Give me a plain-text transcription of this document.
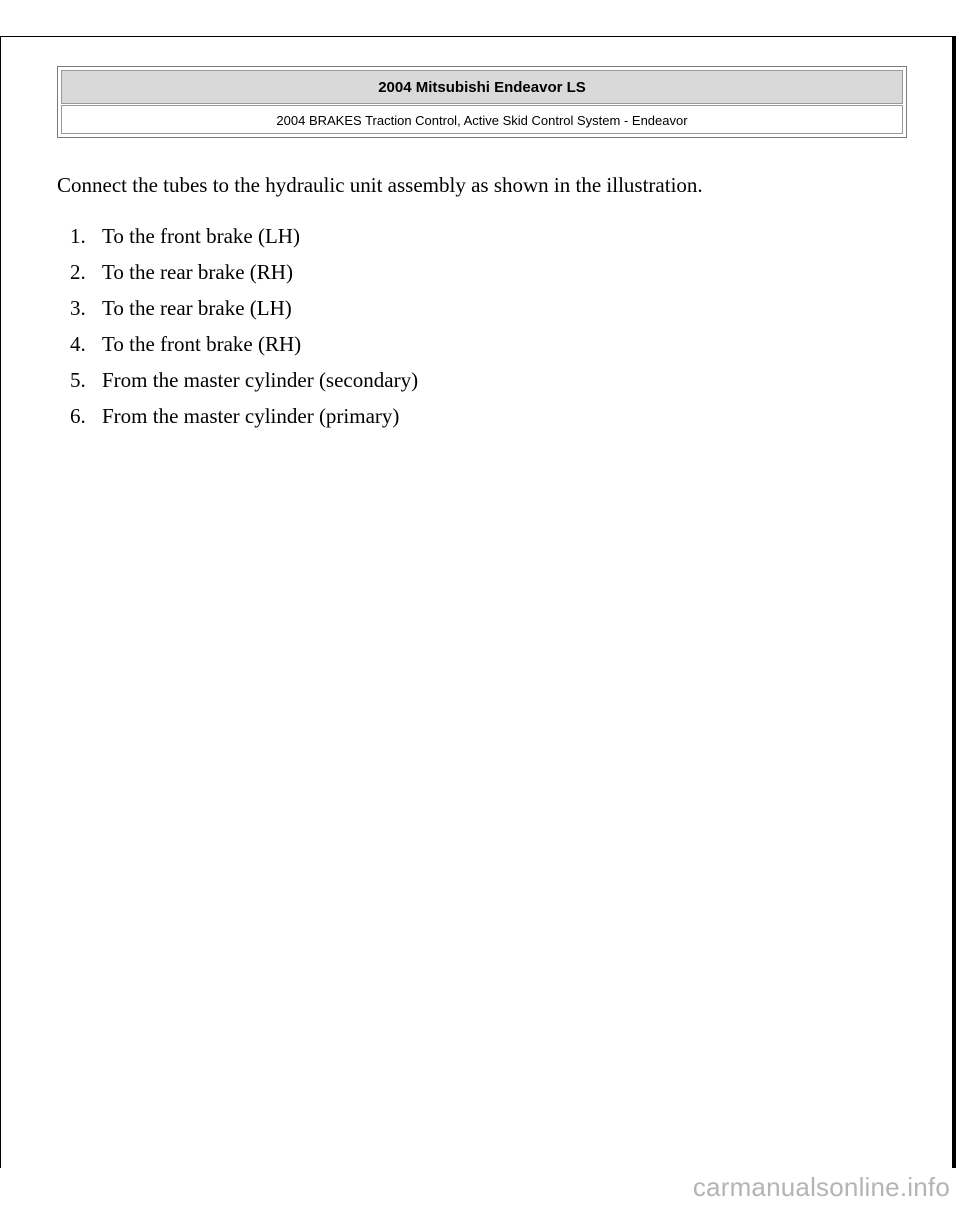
2004 Mitsubishi Endeavor LS
2004 BRAKES Traction Control, Active Skid Control System - Endeavor

Connect the tubes to the hydraulic unit assembly as shown in the illustration.

1. To the front brake (LH)
2. To the rear brake (RH)
3. To the rear brake (LH)
4. To the front brake (RH)
5. From the master cylinder (secondary)
6. From the master cylinder (primary)
carmanualsonline.info
